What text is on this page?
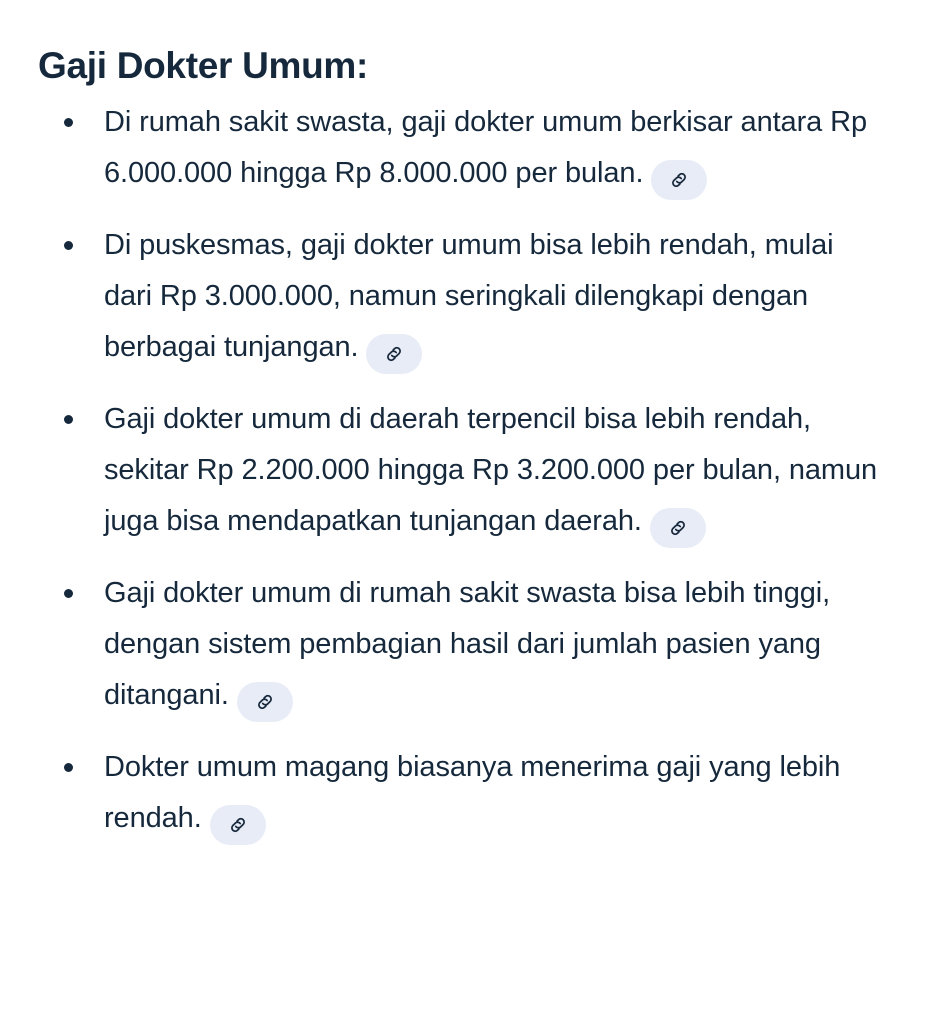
Gaji Dokter Umum:
Di rumah sakit swasta, gaji dokter umum berkisar antara Rp 6.000.000 hingga Rp 8.000.000 per bulan.
Di puskesmas, gaji dokter umum bisa lebih rendah, mulai dari Rp 3.000.000, namun seringkali dilengkapi dengan berbagai tunjangan.
Gaji dokter umum di daerah terpencil bisa lebih rendah, sekitar Rp 2.200.000 hingga Rp 3.200.000 per bulan, namun juga bisa mendapatkan tunjangan daerah.
Gaji dokter umum di rumah sakit swasta bisa lebih tinggi, dengan sistem pembagian hasil dari jumlah pasien yang ditangani.
Dokter umum magang biasanya menerima gaji yang lebih rendah.
